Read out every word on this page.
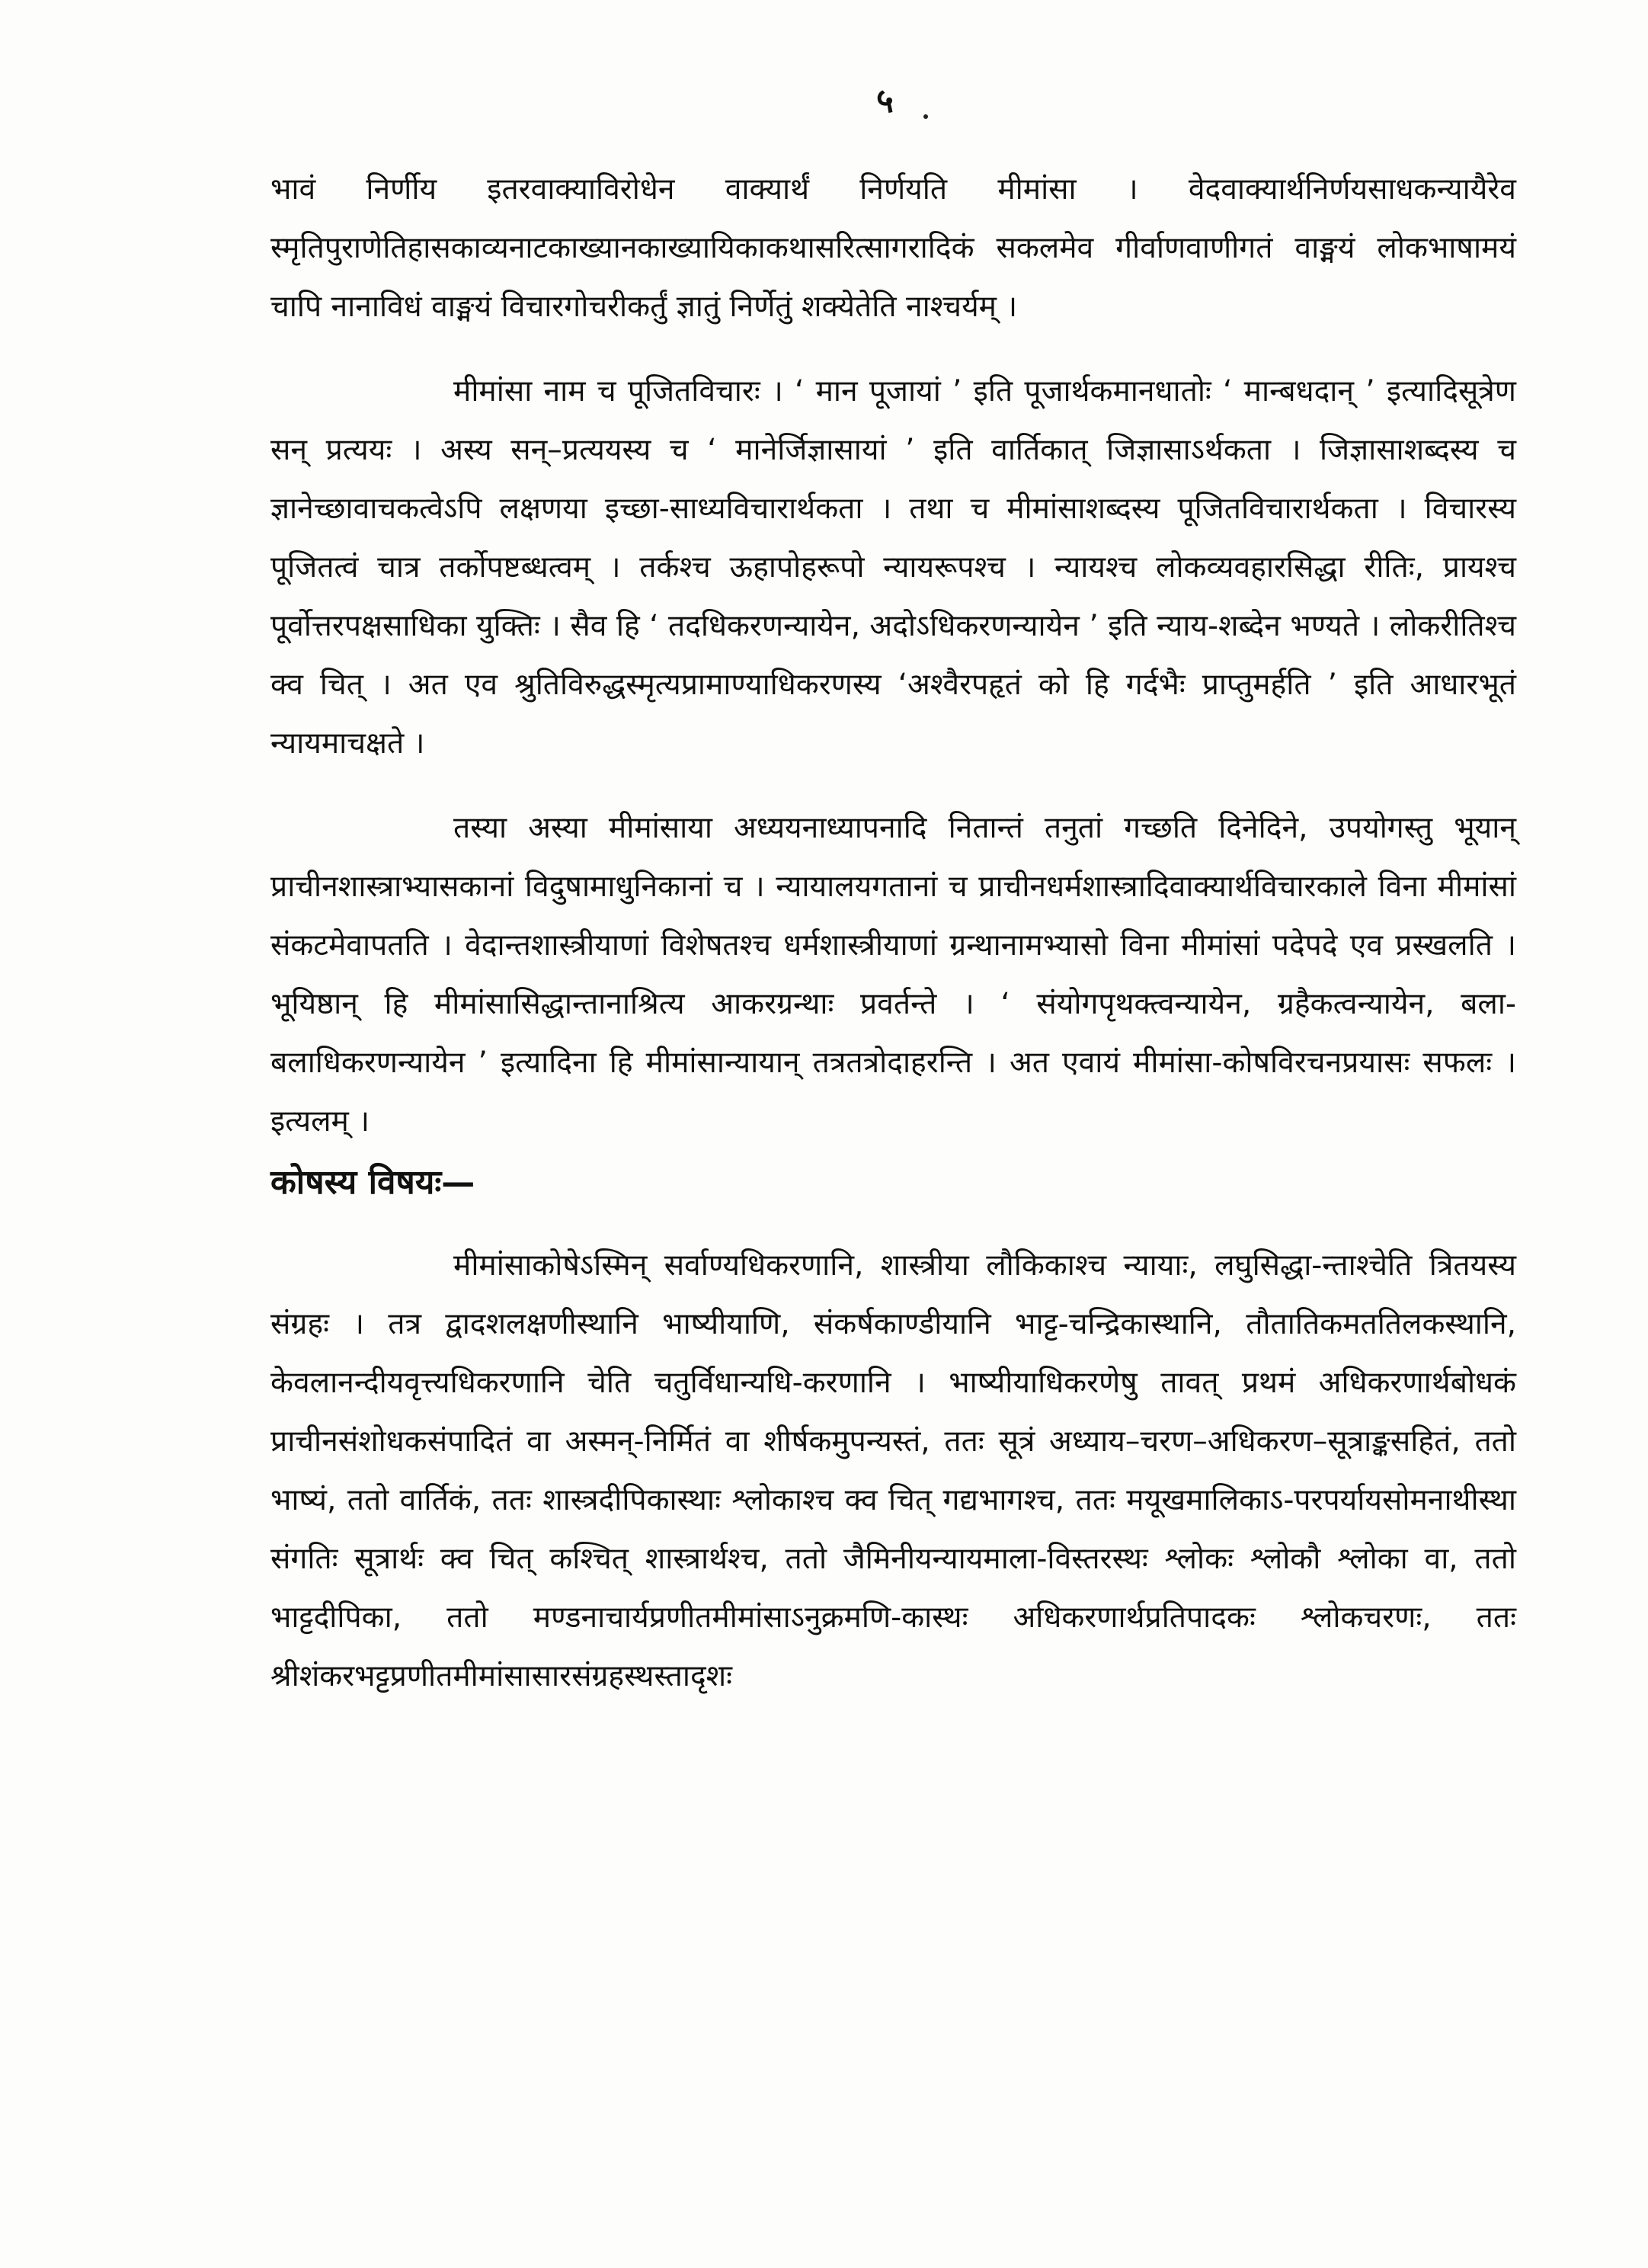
५

भावं निर्णीय इतरवाक्याविरोधेन वाक्यार्थं निर्णयति मीमांसा । वेदवाक्यार्थनिर्णयसाधकन्यायैरेव स्मृतिपुराणेतिहासकाव्यनाटकाख्यानकाख्यायिकाकथासरित्सागरादिकं सकलमेव गीर्वाणवाणीगतं वाङ्मयं लोकभाषामयं चापि नानाविधं वाङ्मयं विचारगोचरीकर्तुं ज्ञातुं निर्णेतुं शक्येतेति नाश्चर्यम् ।

मीमांसा नाम च पूजितविचारः । ‘ मान पूजायां ’ इति पूजार्थकमानधातोः ‘ मान्बधदान् ’ इत्यादिसूत्रेण सन् प्रत्ययः । अस्य सन्–प्रत्ययस्य च ‘ मानेर्जिज्ञासायां ’ इति वार्तिकात् जिज्ञासाऽर्थकता । जिज्ञासाशब्दस्य च ज्ञानेच्छावाचकत्वेऽपि लक्षणया इच्छा-साध्यविचारार्थकता । तथा च मीमांसाशब्दस्य पूजितविचारार्थकता । विचारस्य पूजितत्वं चात्र तर्कोपष्टब्धत्वम् । तर्कश्च ऊहापोहरूपो न्यायरूपश्च । न्यायश्च लोकव्यवहारसिद्धा रीतिः, प्रायश्च पूर्वोत्तरपक्षसाधिका युक्तिः । सैव हि ‘ तदधिकरणन्यायेन, अदोऽधिकरणन्यायेन ’ इति न्याय-शब्देन भण्यते । लोकरीतिश्च क्व चित् । अत एव श्रुतिविरुद्धस्मृत्यप्रामाण्याधिकरणस्य ‘अश्वैरपहृतं को हि गर्दभैः प्राप्तुमर्हति ’ इति आधारभूतं न्यायमाचक्षते ।

तस्या अस्या मीमांसाया अध्ययनाध्यापनादि नितान्तं तनुतां गच्छति दिनेदिने, उपयोगस्तु भूयान् प्राचीनशास्त्राभ्यासकानां विदुषामाधुनिकानां च । न्यायालयगतानां च प्राचीनधर्मशास्त्रादिवाक्यार्थविचारकाले विना मीमांसां संकटमेवापतति । वेदान्तशास्त्रीयाणां विशेषतश्च धर्मशास्त्रीयाणां ग्रन्थानामभ्यासो विना मीमांसां पदेपदे एव प्रस्खलति । भूयिष्ठान् हि मीमांसासिद्धान्तानाश्रित्य आकरग्रन्थाः प्रवर्तन्ते । ‘ संयोगपृथक्त्वन्यायेन, ग्रहैकत्वन्यायेन, बला-बलाधिकरणन्यायेन ’ इत्यादिना हि मीमांसान्यायान् तत्रतत्रोदाहरन्ति । अत एवायं मीमांसा-कोषविरचनप्रयासः सफलः । इत्यलम् ।

कोषस्य विषयः—

मीमांसाकोषेऽस्मिन् सर्वाण्यधिकरणानि, शास्त्रीया लौकिकाश्च न्यायाः, लघुसिद्धा-न्ताश्चेति त्रितयस्य संग्रहः । तत्र द्वादशलक्षणीस्थानि भाष्यीयाणि, संकर्षकाण्डीयानि भाट्ट-चन्द्रिकास्थानि, तौतातिकमततिलकस्थानि, केवलानन्दीयवृत्त्यधिकरणानि चेति चतुर्विधान्यधि-करणानि । भाष्यीयाधिकरणेषु तावत् प्रथमं अधिकरणार्थबोधकं प्राचीनसंशोधकसंपादितं वा अस्मन्-निर्मितं वा शीर्षकमुपन्यस्तं, ततः सूत्रं अध्याय–चरण–अधिकरण–सूत्राङ्कसहितं, ततो भाष्यं, ततो वार्तिकं, ततः शास्त्रदीपिकास्थाः श्लोकाश्च क्व चित् गद्यभागश्च, ततः मयूखमालिकाऽ-परपर्यायसोमनाथीस्था संगतिः सूत्रार्थः क्व चित् कश्चित् शास्त्रार्थश्च, ततो जैमिनीयन्यायमाला-विस्तरस्थः श्लोकः श्लोकौ श्लोका वा, ततो भाट्टदीपिका, ततो मण्डनाचार्यप्रणीतमीमांसाऽनुक्रमणि-कास्थः अधिकरणार्थप्रतिपादकः श्लोकचरणः, ततः श्रीशंकरभट्टप्रणीतमीमांसासारसंग्रहस्थस्तादृशः
